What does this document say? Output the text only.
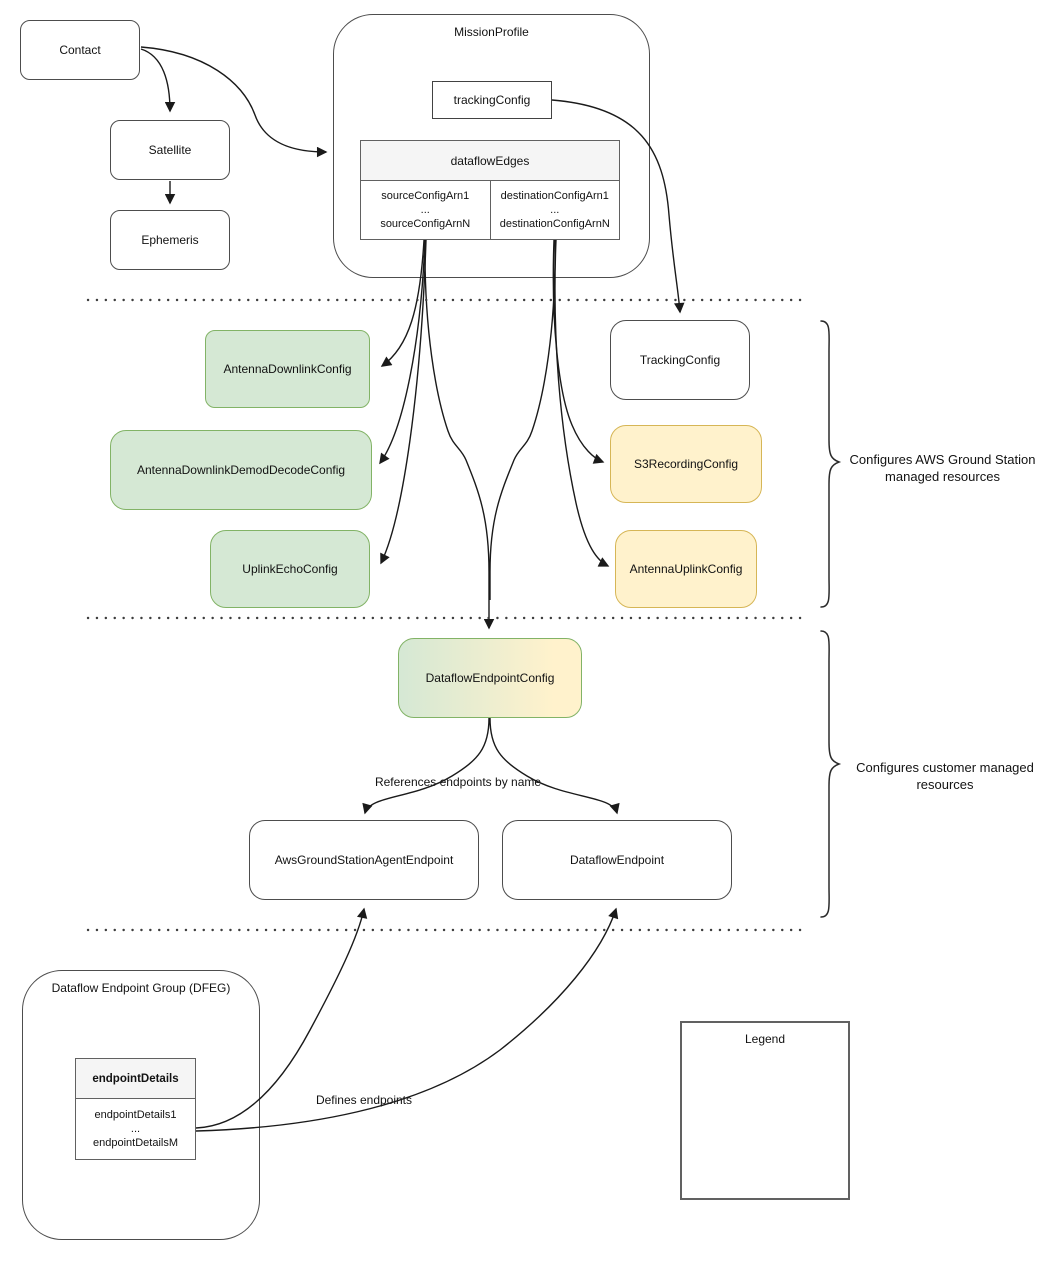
Contact
Satellite
Ephemeris
MissionProfile
trackingConfig
dataflowEdges
sourceConfigArn1
...
sourceConfigArnN
destinationConfigArn1
...
destinationConfigArnN
AntennaDownlinkConfig
AntennaDownlinkDemodDecodeConfig
UplinkEchoConfig
TrackingConfig
S3RecordingConfig
AntennaUplinkConfig
Configures AWS Ground Station
managed resources
DataflowEndpointConfig
References endpoints by name
AwsGroundStationAgentEndpoint	DataflowEndpoint
Configures customer managed
resources
Dataflow Endpoint Group (DFEG)
endpointDetails
endpointDetails1
...
endpointDetailsM
Defines endpoints
Legend
